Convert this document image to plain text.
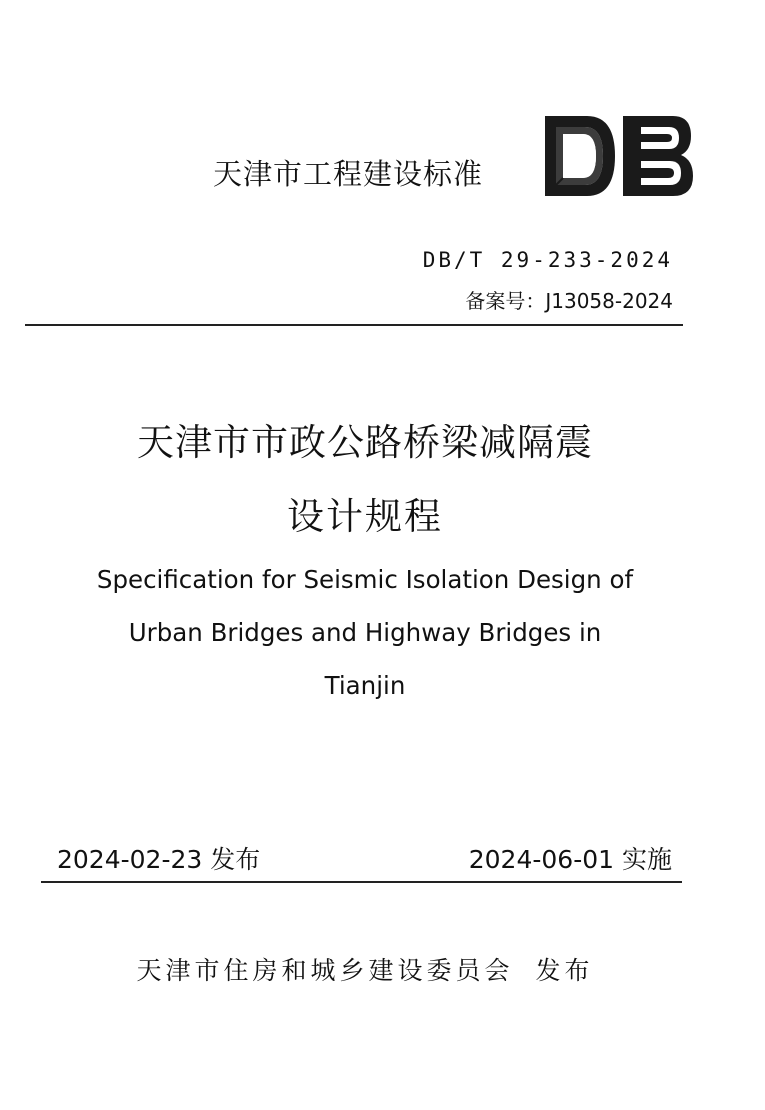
天津市工程建设标准
DB/T 29-233-2024
备案号：J13058-2024
天津市市政公路桥梁减隔震
设计规程
Specification for Seismic Isolation Design of
Urban Bridges and Highway Bridges in
Tianjin
2024-02-23 发布	2024-06-01 实施
天津市住房和城乡建设委员会 发布
